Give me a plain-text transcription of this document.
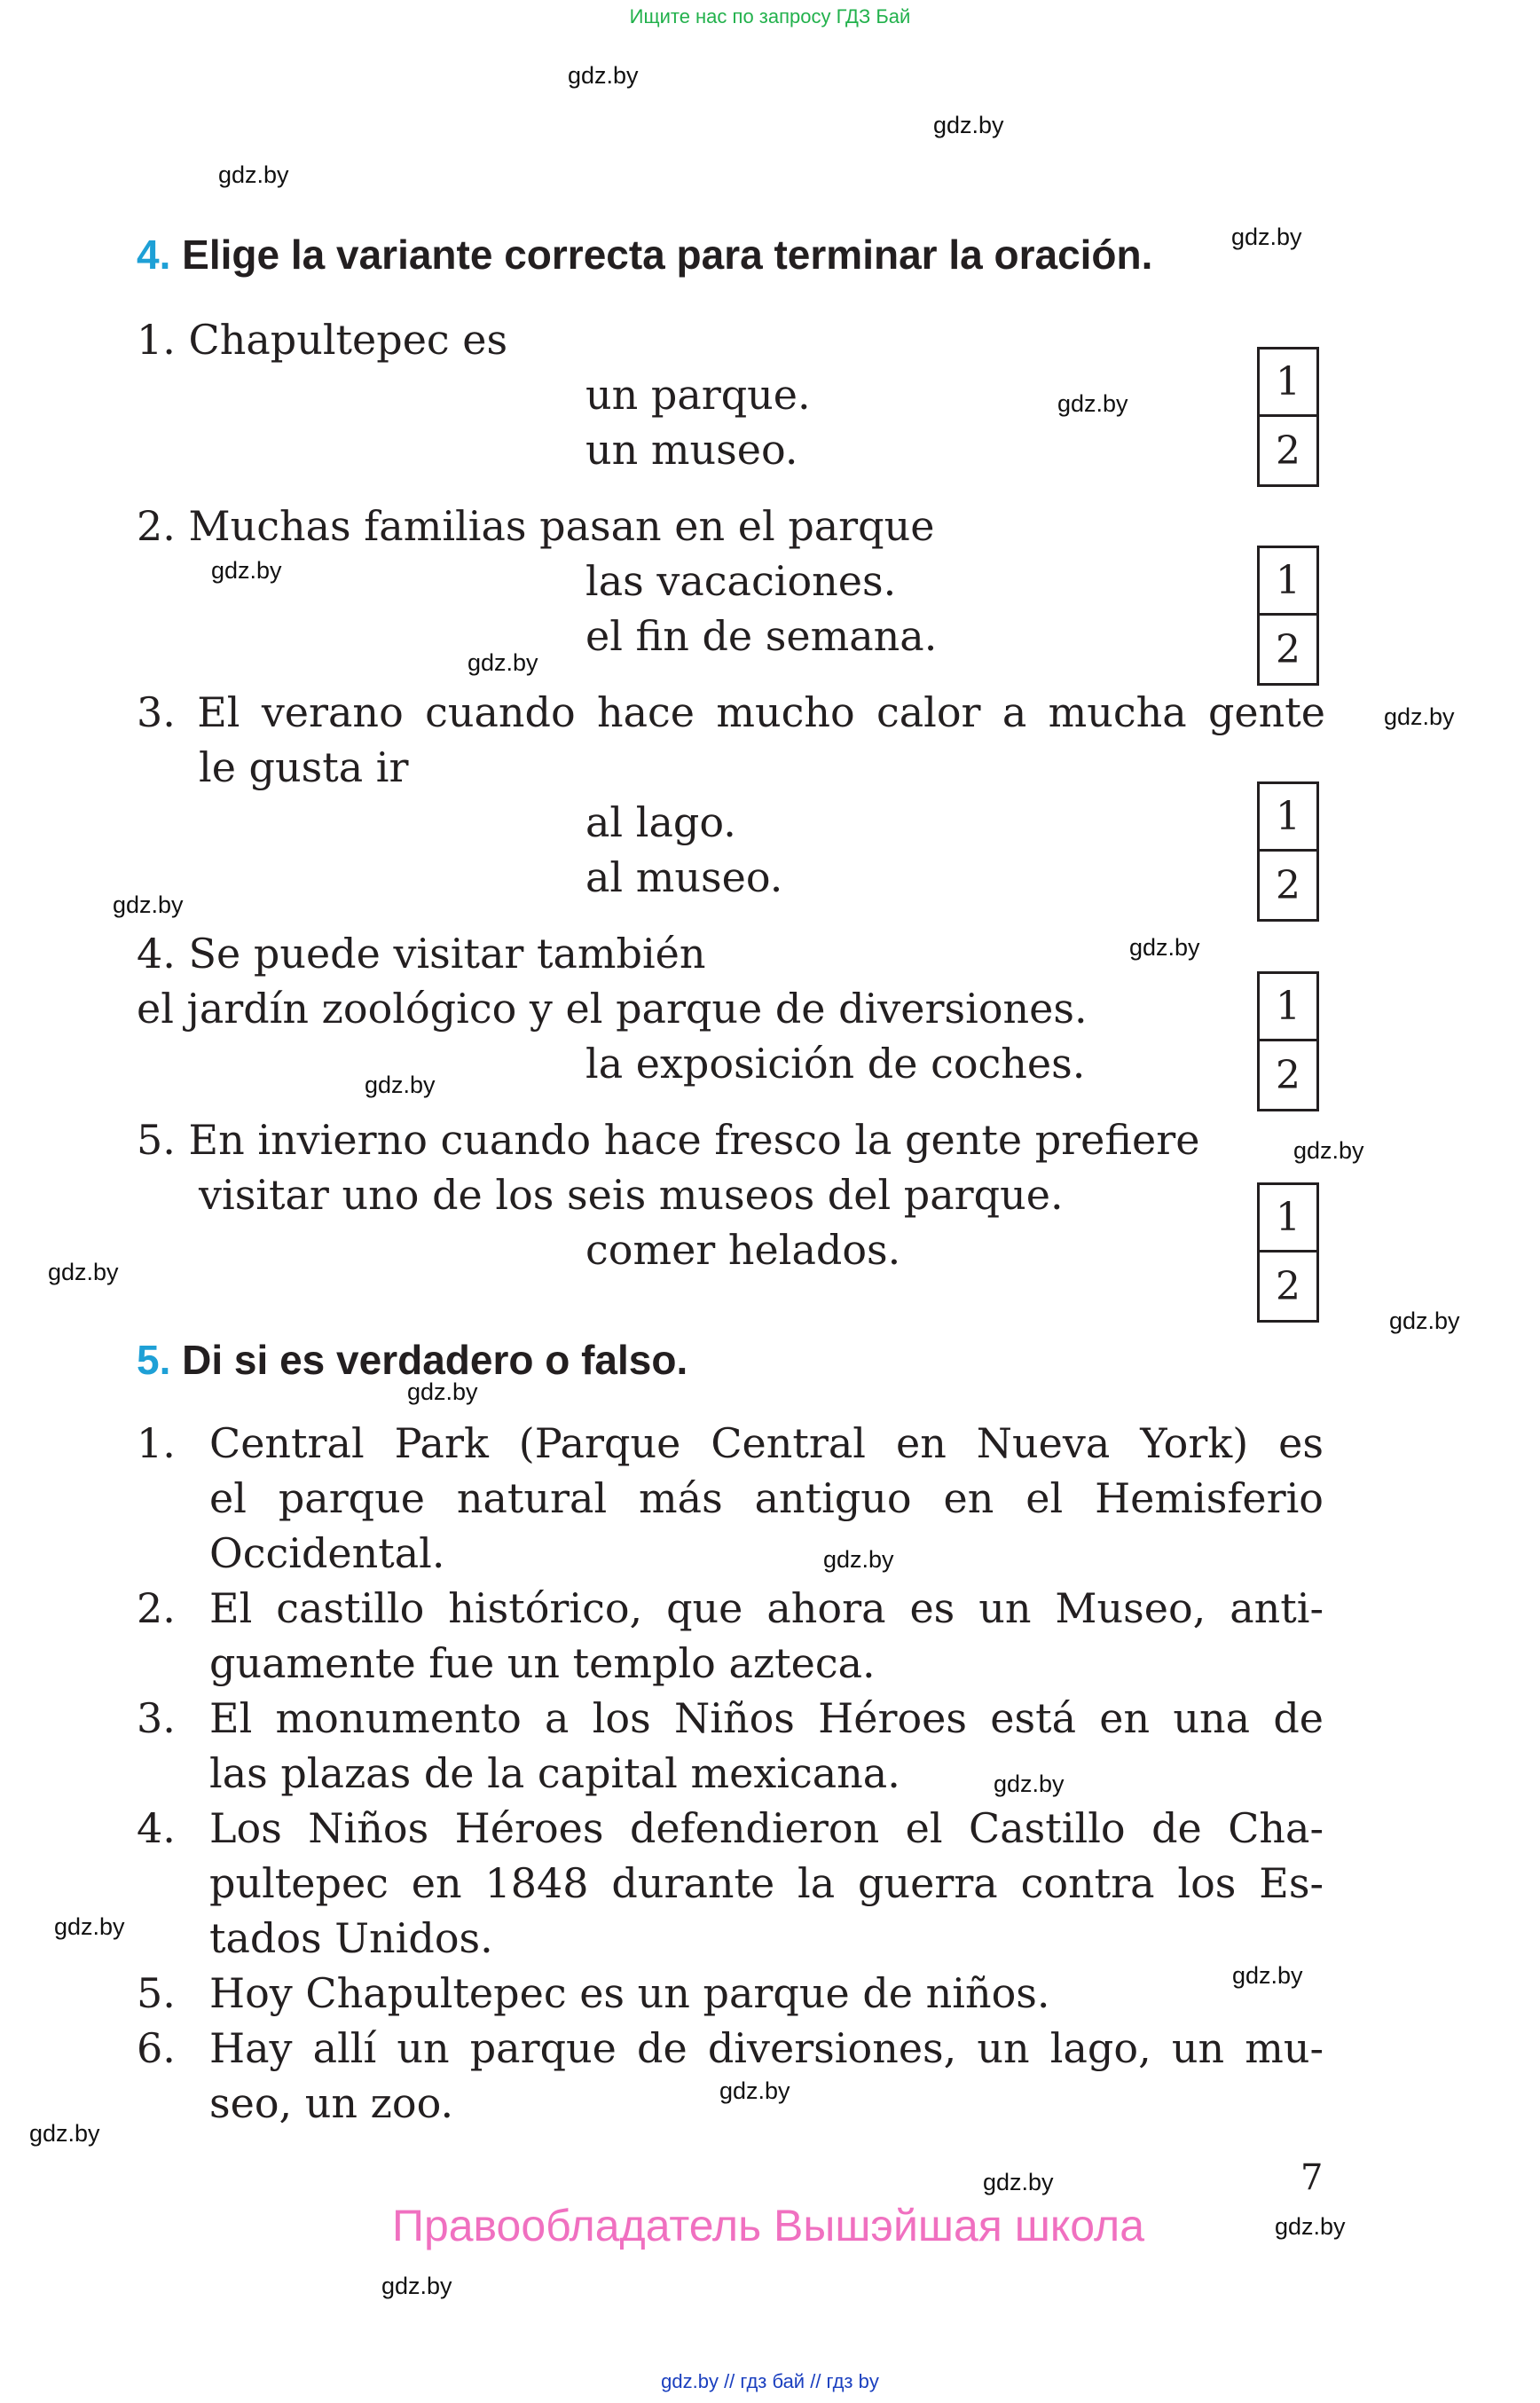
Ищите нас по запросу ГДЗ Бай
gdz.by
gdz.by
gdz.by
gdz.by
gdz.by
gdz.by
gdz.by
gdz.by
gdz.by
gdz.by
gdz.by
gdz.by
gdz.by
gdz.by
gdz.by
gdz.by
gdz.by
gdz.by
gdz.by
gdz.by
gdz.by
gdz.by
gdz.by
gdz.by
4. Elige la variante correcta para terminar la oración.
1. Chapultepec es
un parque.
un museo.
1
2
2. Muchas familias pasan en el parque
las vacaciones.
el fin de semana.
1
2
3. El verano cuando hace mucho calor a mucha gente
le gusta ir
al lago.
al museo.
1
2
4. Se puede visitar también
el jardín zoológico y el parque de diversiones.
la exposición de coches.
1
2
5. En invierno cuando hace fresco la gente prefiere
visitar uno de los seis museos del parque.
comer helados.
1
2
5. Di si es verdadero o falso.
1. Central Park (Parque Central en Nueva York) es
el parque natural más antiguo en el Hemisferio
Occidental.
2. El castillo histórico, que ahora es un Museo, anti-
guamente fue un templo azteca.
3. El monumento a los Niños Héroes está en una de
las plazas de la capital mexicana.
4. Los Niños Héroes defendieron el Castillo de Cha-
pultepec en 1848 durante la guerra contra los Es-
tados Unidos.
5. Hoy Chapultepec es un parque de niños.
6. Hay allí un parque de diversiones, un lago, un mu-
seo, un zoo.
7
Правообладатель Вышэйшая школа
gdz.by // гдз бай // гдз by
